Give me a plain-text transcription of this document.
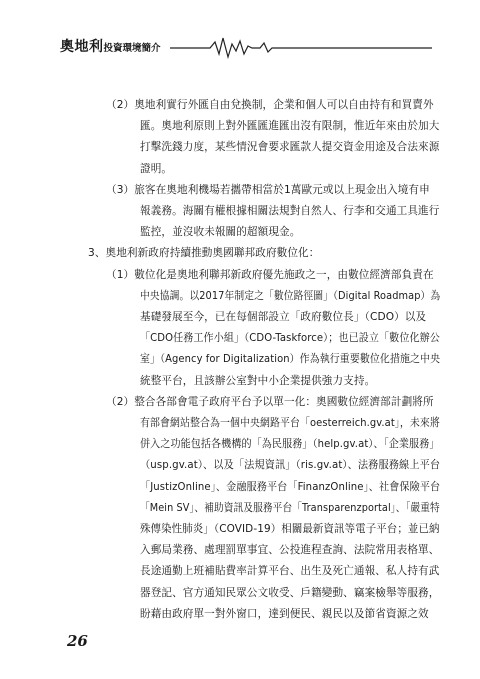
奧地利投資環境簡介
（2）奧地利實行外匯自由兌換制，企業和個人可以自由持有和買賣外
匯。奧地利原則上對外匯匯進匯出沒有限制，惟近年來由於加大
打擊洗錢力度，某些情況會要求匯款人提交資金用途及合法來源
證明。
（3）旅客在奧地利機場若攜帶相當於1萬歐元或以上現金出入境有申
報義務。海關有權根據相關法規對自然人、行李和交通工具進行
監控，並沒收未報關的超額現金。
3、奧地利新政府持續推動奧國聯邦政府數位化：
（1）數位化是奧地利聯邦新政府優先施政之一，由數位經濟部負責在
中央協調。以2017年制定之「數位路徑圖」（Digital Roadmap）為
基礎發展至今，已在每個部設立「政府數位長」（CDO）以及
「CDO任務工作小組」（CDO-Taskforce）；也已設立「數位化辦公
室」（Agency for Digitalization）作為執行重要數位化措施之中央
統整平台，且該辦公室對中小企業提供強力支持。
（2）整合各部會電子政府平台予以單一化：奧國數位經濟部計劃將所
有部會網站整合為一個中央網路平台「oesterreich.gv.at」，未來將
併入之功能包括各機構的「為民服務」（help.gv.at）、「企業服務」
（usp.gv.at）、以及「法規資訊」（ris.gv.at）、法務服務線上平台
「JustizOnline」、金融服務平台「FinanzOnline」、社會保險平台
「Mein SV」、補助資訊及服務平台「Transparenzportal」、「嚴重特
殊傳染性肺炎」（COVID-19）相關最新資訊等電子平台；並已納
入郵局業務、處理罰單事宜、公投進程查詢、法院常用表格單、
長途通勤上班補貼費率計算平台、出生及死亡通報、私人持有武
器登記、官方通知民眾公文收受、戶籍變動、竊案檢舉等服務，
盼藉由政府單一對外窗口，達到便民、親民以及節省資源之效
26
